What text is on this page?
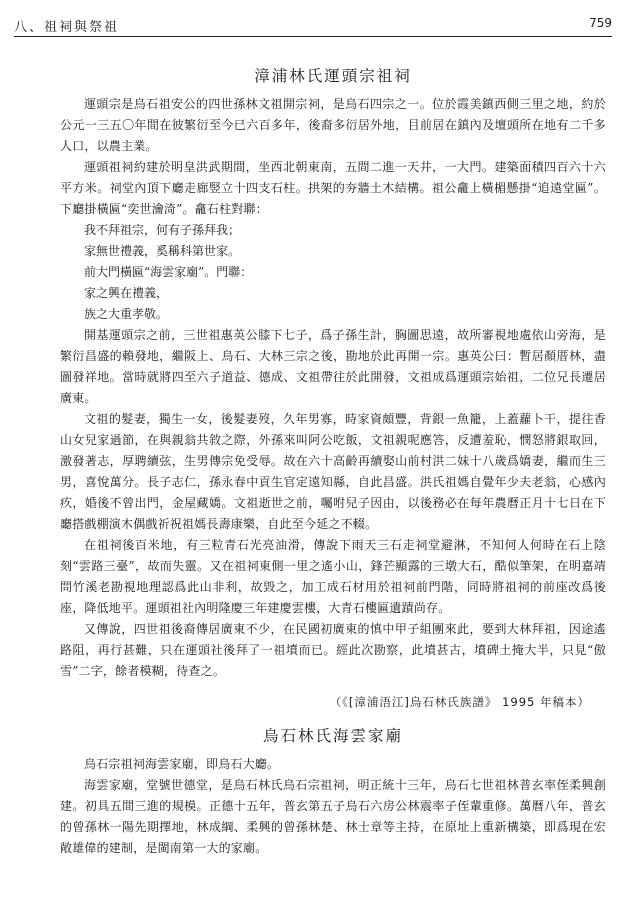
八、祖祠與祭祖	759
漳浦林氏運頭宗祖祠

運頭宗是烏石祖安公的四世孫林文祖開宗祠，是烏石四宗之一。位於霞美鎮西側三里之地，約於公元一三五〇年間在彼繁衍至今已六百多年，後裔多衍居外地，目前居在鎮內及壇頭所在地有二千多人口，以農主業。

運頭祖祠約建於明皇洪武期間，坐西北朝東南，五間二進一天井，一大門。建築面積四百六十六平方米。祠堂內頂下廳走廊竪立十四支石柱。拱架的夯牆土木結構。祖公龕上橫楣懸掛“追遠堂匾”。下廳掛橫匾“奕世瀹渏”。龕石柱對聯：

我不拜祖宗，何有子孫拜我；

家無世禮義，奚稱科第世家。

前大門橫匾“海雲家廟”。門聯：

家之興在禮義，

族之大重孝敬。

開基運頭宗之前，三世祖惠英公膝下七子，爲子孫生計，胸圖思遠，故所審視地處依山旁海，是繁衍昌盛的賴發地，繼阪上、烏石、大林三宗之後，勘地於此再開一宗。惠英公曰：暫居顏厝林，盡圖發祥地。當時就將四至六子道益、德成、文祖帶往於此開發，文祖成爲運頭宗始祖，二位兄長遷居廣東。

文祖的髮妻，獨生一女，後髮妻歿，久年男寡，時家資頗豐，背銀一魚籠，上蓋蘿卜干，提往香山女兒家過節，在與親翁共敘之際，外孫來叫阿公吃飯，文祖親呢應答，反遭羞恥，憫怒將銀取回，激發著志，厚聘續弦，生男傳宗免受辱。故在六十高齡再續娶山前村洪二妹十八歲爲嬌妻，繼而生三男，喜悅萬分。長子志仁，孫永春中貢生官定遠知縣，自此昌盛。洪氏祖媽自覺年少夫老翁，心感內疚，婚後不曾出門，金屋藏嬌。文祖逝世之前，囑咐兒子因由，以後務必在每年農曆正月十七日在下廳搭戲棚演木偶戲祈祝祖媽長壽康樂，自此至今延之不輟。

在祖祠後百米地，有三粒青石光亮油滑，傳說下雨天三石走祠堂避淋，不知何人何時在石上陰刻“雲路三臺”，故而失靈。又在祖祠東側一里之遙小山，鋒芒顯露的三墩大石，酷似筆架，在明嘉靖問竹溪老勘視地理認爲此山非利，故毀之，加工成石材用於祖祠前門階，同時將祖祠的前座改爲後座，降低地平。運頭祖社內明隆慶三年建慶雲樓，大青石樓匾遺蹟尚存。

又傳說，四世祖後裔傳居廣東不少，在民國初廣東的慎中甲子組團來此，要到大林拜祖，因途遙路阻，再行甚難，只在運頭社後拜了一祖墳而已。經此次勘察，此墳甚古，墳碑土掩大半，只見“傲雪”二字，餘者模糊，待查之。

（《[漳浦浯江]烏石林氏族譜》 1995 年稿本）
烏石林氏海雲家廟

烏石宗祖祠海雲家廟，即烏石大廳。

海雲家廟，堂號世德堂，是烏石林氏烏石宗祖祠，明正統十三年，烏石七世祖林普玄率侄柔興創建。初具五間三進的規模。正德十五年，普玄第五子烏石六房公林震率子侄輩重修。萬曆八年，普玄的曾孫林一陽先期擇地，林成綱、柔興的曾孫林楚、林士章等主持，在原址上重新構築，即爲現在宏敞雄偉的建制，是閩南第一大的家廟。
